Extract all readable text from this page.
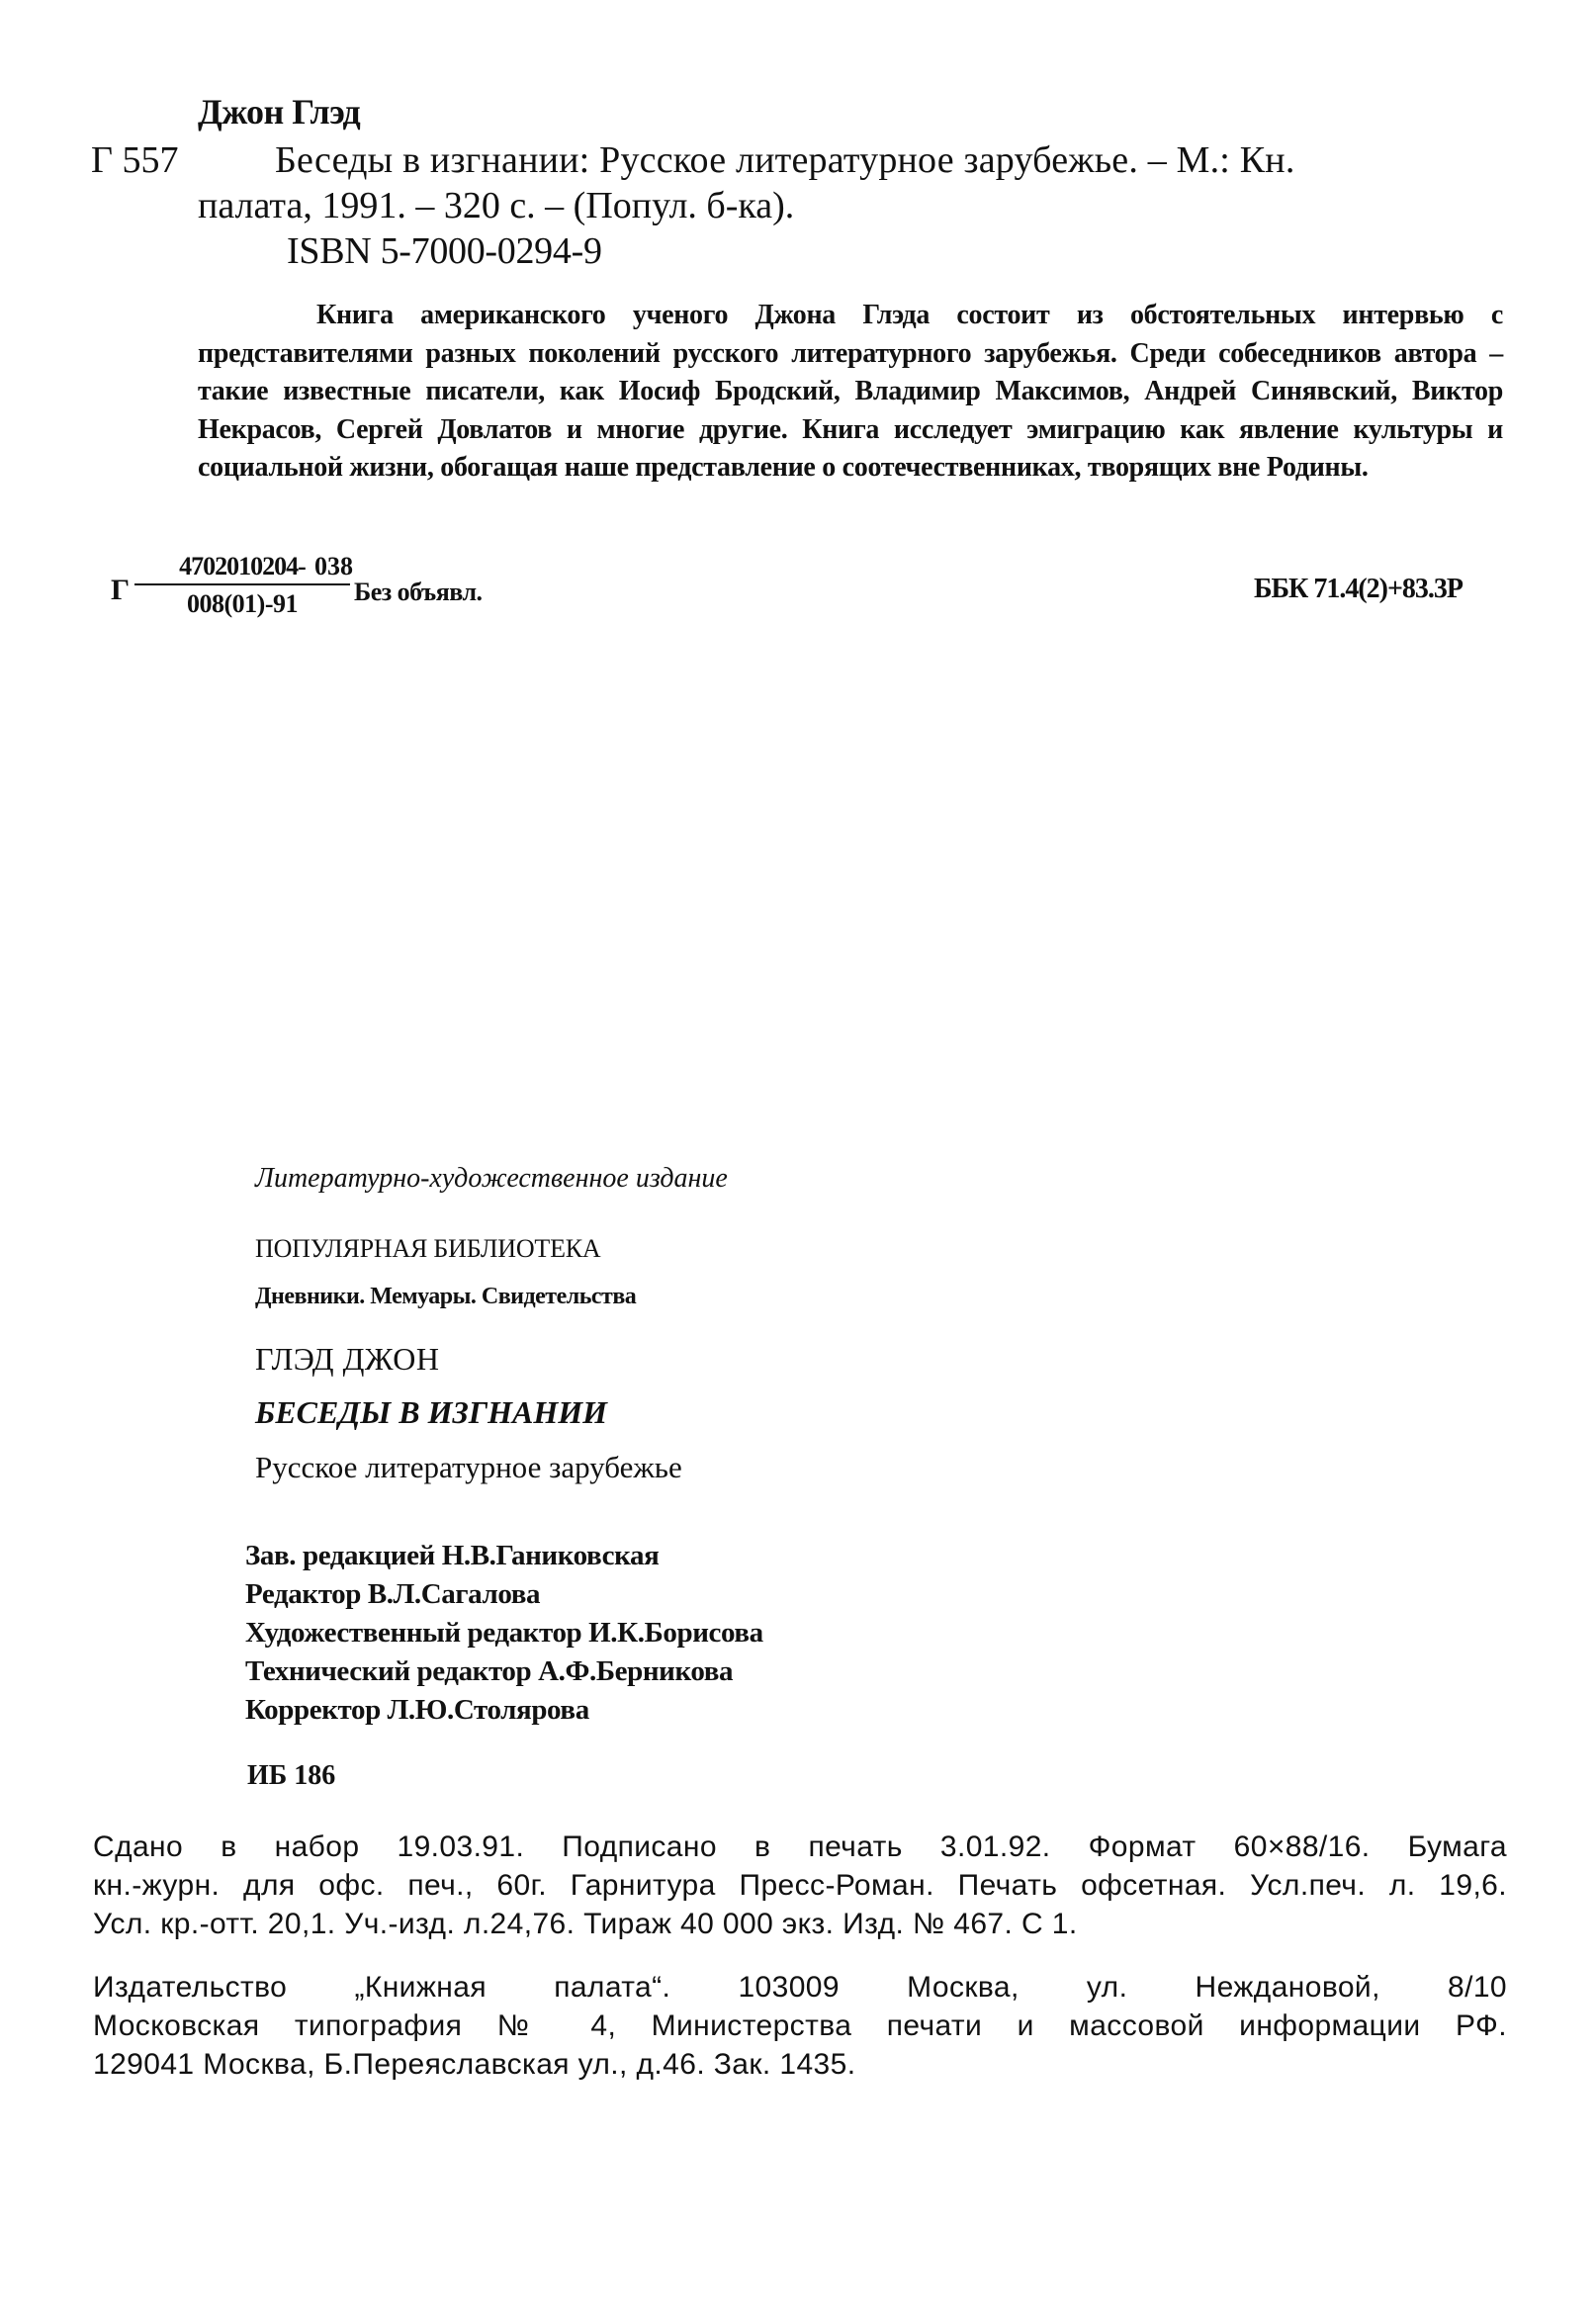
Джон Глэд
Г 557	Беседы в изгнании: Русское литературное зарубежье. – М.: Кн.
палата, 1991. – 320 с. – (Попул. б-ка).
ISBN 5-7000-0294-9
Книга американского ученого Джона Глэда состоит из обстоятельных интервью с представителями разных поколений русского литературного зарубежья. Среди собеседников автора – такие известные писатели, как Иосиф Бродский, Владимир Максимов, Андрей Синявский, Виктор Некрасов, Сергей Довлатов и многие другие. Книга исследует эмиграцию как явление культуры и социальной жизни, обогащая наше представление о соотечественниках, творящих вне Родины.
Г
4702010204-
008(01)-91
038
Без объявл.	ББК 71.4(2)+83.3Р
Литературно-художественное издание
ПОПУЛЯРНАЯ БИБЛИОТЕКА
Дневники. Мемуары. Свидетельства
ГЛЭД ДЖОН
БЕСЕДЫ В ИЗГНАНИИ
Русское литературное зарубежье
Зав. редакцией Н.В.Ганиковская
Редактор В.Л.Сагалова
Художественный редактор И.К.Борисова
Технический редактор А.Ф.Берникова
Корректор Л.Ю.Столярова
ИБ 186
Сдано в набор 19.03.91. Подписано в печать 3.01.92. Формат 60×88/16. Бумага
кн.-журн. для офс. печ., 60г. Гарнитура Пресс-Роман. Печать офсетная. Усл.печ. л. 19,6.
Усл. кр.-отт. 20,1. Уч.-изд. л.24,76. Тираж 40 000 экз. Изд. № 467. С 1.
Издательство „Книжная палата“. 103009 Москва, ул. Неждановой, 8/10
Московская типография № 4, Министерства печати и массовой информации РФ.
129041 Москва, Б.Переяславская ул., д.46. Зак. 1435.
